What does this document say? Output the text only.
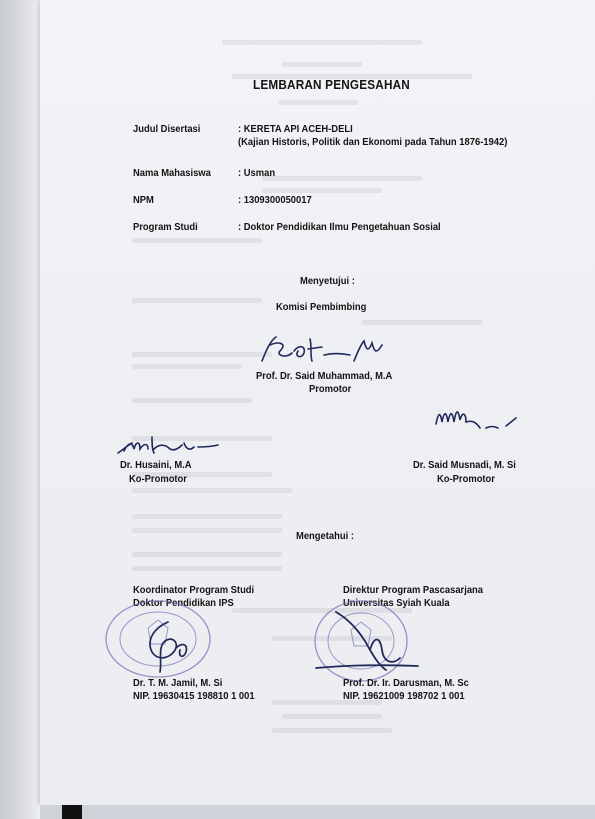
LEMBARAN PENGESAHAN
Judul Disertasi	: KERETA API ACEH-DELI
(Kajian Historis, Politik dan Ekonomi pada Tahun 1876-1942)
Nama Mahasiswa	: Usman
NPM	: 1309300050017
Program Studi	: Doktor Pendidikan Ilmu Pengetahuan Sosial
Menyetujui :
Komisi Pembimbing
Prof. Dr. Said Muhammad, M.A
Promotor
Dr. Husaini, M.A
Ko-Promotor
Dr. Said Musnadi, M. Si
Ko-Promotor
Mengetahui :
Koordinator Program Studi
Doktor Pendidikan IPS
Direktur Program Pascasarjana
Universitas Syiah Kuala
Dr. T. M. Jamil, M. Si
NIP. 19630415 198810 1 001
Prof. Dr. Ir. Darusman, M. Sc
NIP. 19621009 198702 1 001
